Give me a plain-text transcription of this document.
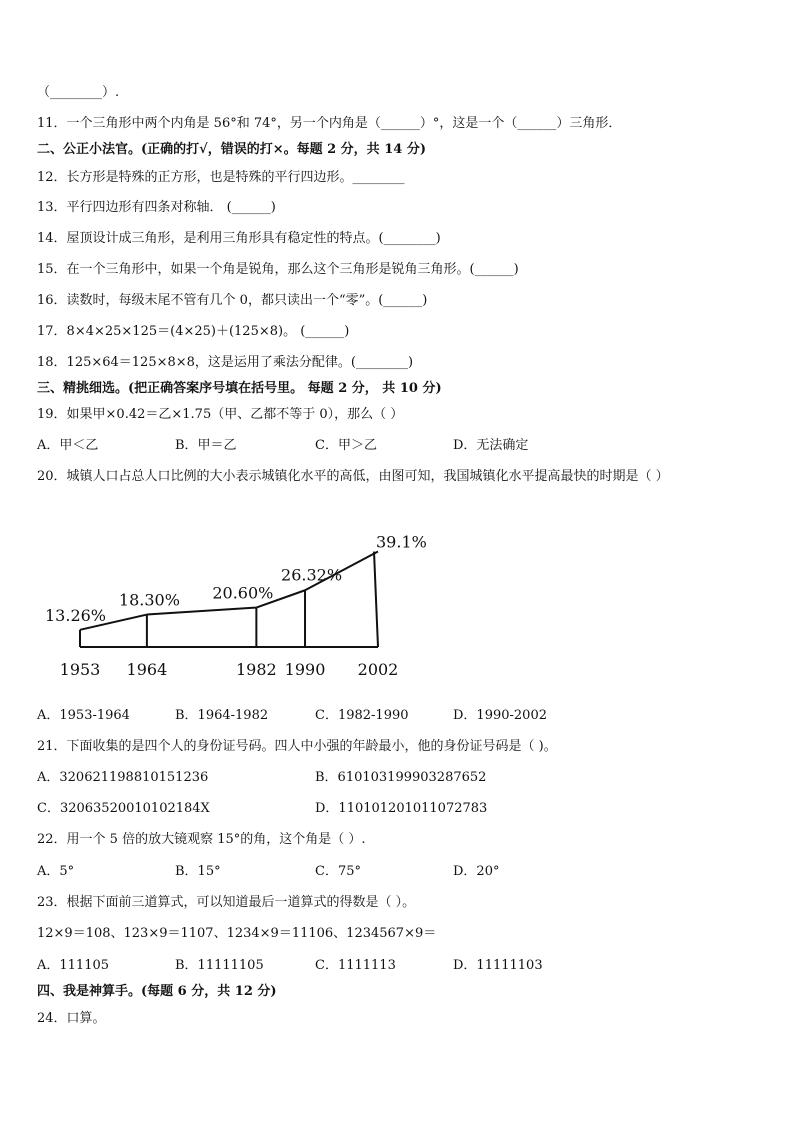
（________）.
11．一个三角形中两个内角是 56°和 74°，另一个内角是（______）°，这是一个（______）三角形．
二、公正小法官。(正确的打√，错误的打×。每题 2 分，共 14 分)
12．长方形是特殊的正方形，也是特殊的平行四边形。________
13．平行四边形有四条对称轴． (______)
14．屋顶设计成三角形，是利用三角形具有稳定性的特点。(________)
15．在一个三角形中，如果一个角是锐角，那么这个三角形是锐角三角形。(______)
16．读数时，每级末尾不管有几个 0，都只读出一个“零”。(______)
17．8×4×25×125＝(4×25)＋(125×8)。 (______)
18．125×64＝125×8×8，这是运用了乘法分配律。(________)
三、精挑细选。(把正确答案序号填在括号里。 每题 2 分， 共 10 分)
19．如果甲×0.42＝乙×1.75（甲、乙都不等于 0），那么（ ）
A．甲＜乙	B．甲＝乙	C．甲＞乙	D．无法确定
20．城镇人口占总人口比例的大小表示城镇化水平的高低，由图可知，我国城镇化水平提高最快的时期是（ ）
13.26%
18.30% 20.60%
26.32%
39.1%
1953 1964	1982 1990 2002
A．1953-1964	B．1964-1982	C．1982-1990	D．1990-2002
21．下面收集的是四个人的身份证号码。四人中小强的年龄最小，他的身份证号码是（ )。
A．320621198810151236	B．610103199903287652
C．32063520010102184X	D．110101201011072783
22．用一个 5 倍的放大镜观察 15°的角，这个角是（ ）.
A．5°	B．15°	C．75°	D．20°
23．根据下面前三道算式，可以知道最后一道算式的得数是（ ）。
12×9＝108、123×9＝1107、1234×9＝11106、1234567×9＝
A．111105	B．11111105	C．1111113	D．11111103
四、我是神算手。(每题 6 分，共 12 分)
24．口算。
